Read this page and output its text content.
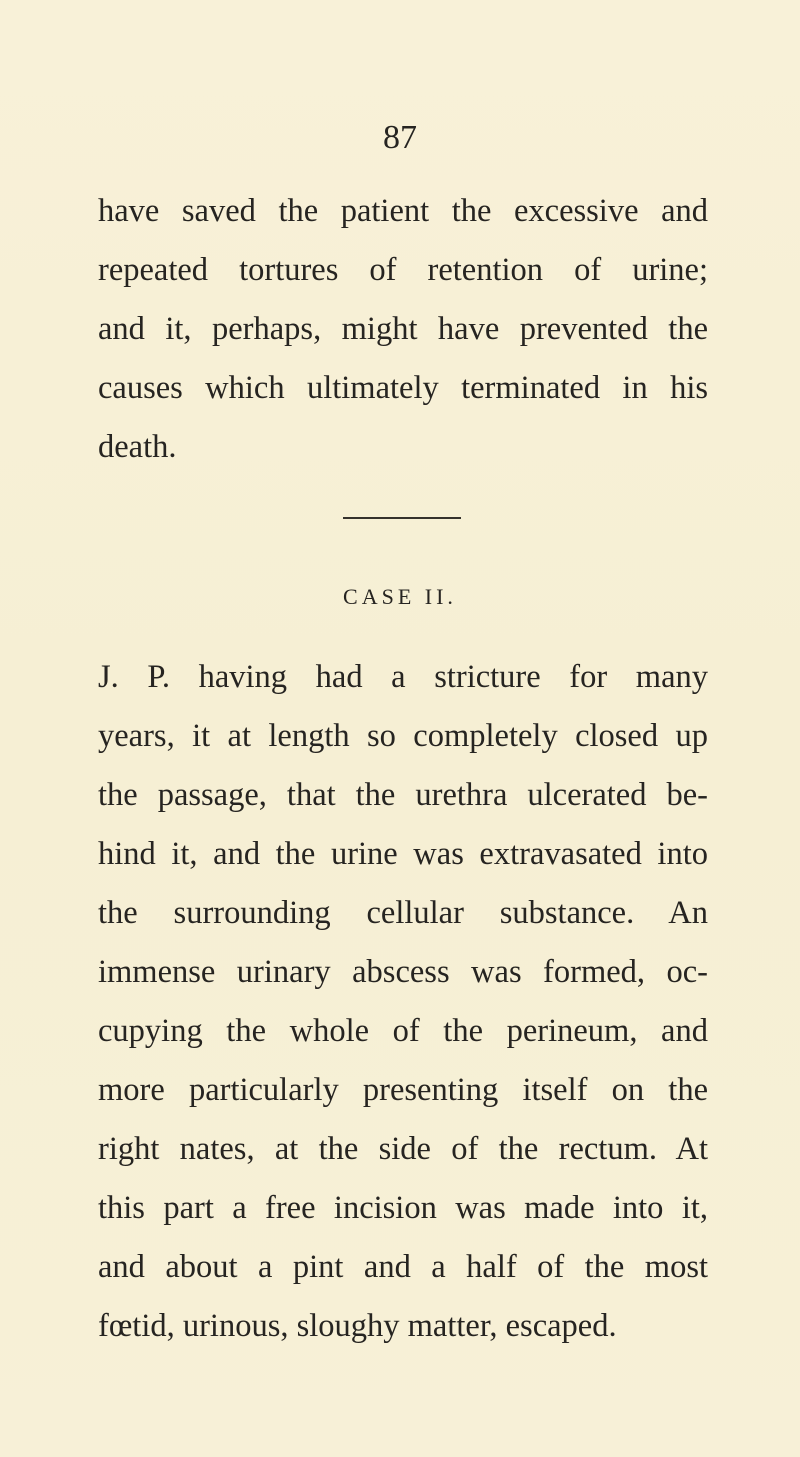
87
have saved the patient the excessive and
repeated tortures of retention of urine;
and it, perhaps, might have prevented the
causes which ultimately terminated in his
death.
CASE II.
J. P. having had a stricture for many
years, it at length so completely closed up
the passage, that the urethra ulcerated be-
hind it, and the urine was extravasated into
the surrounding cellular substance. An
immense urinary abscess was formed, oc-
cupying the whole of the perineum, and
more particularly presenting itself on the
right nates, at the side of the rectum. At
this part a free incision was made into it,
and about a pint and a half of the most
fœtid, urinous, sloughy matter, escaped.
